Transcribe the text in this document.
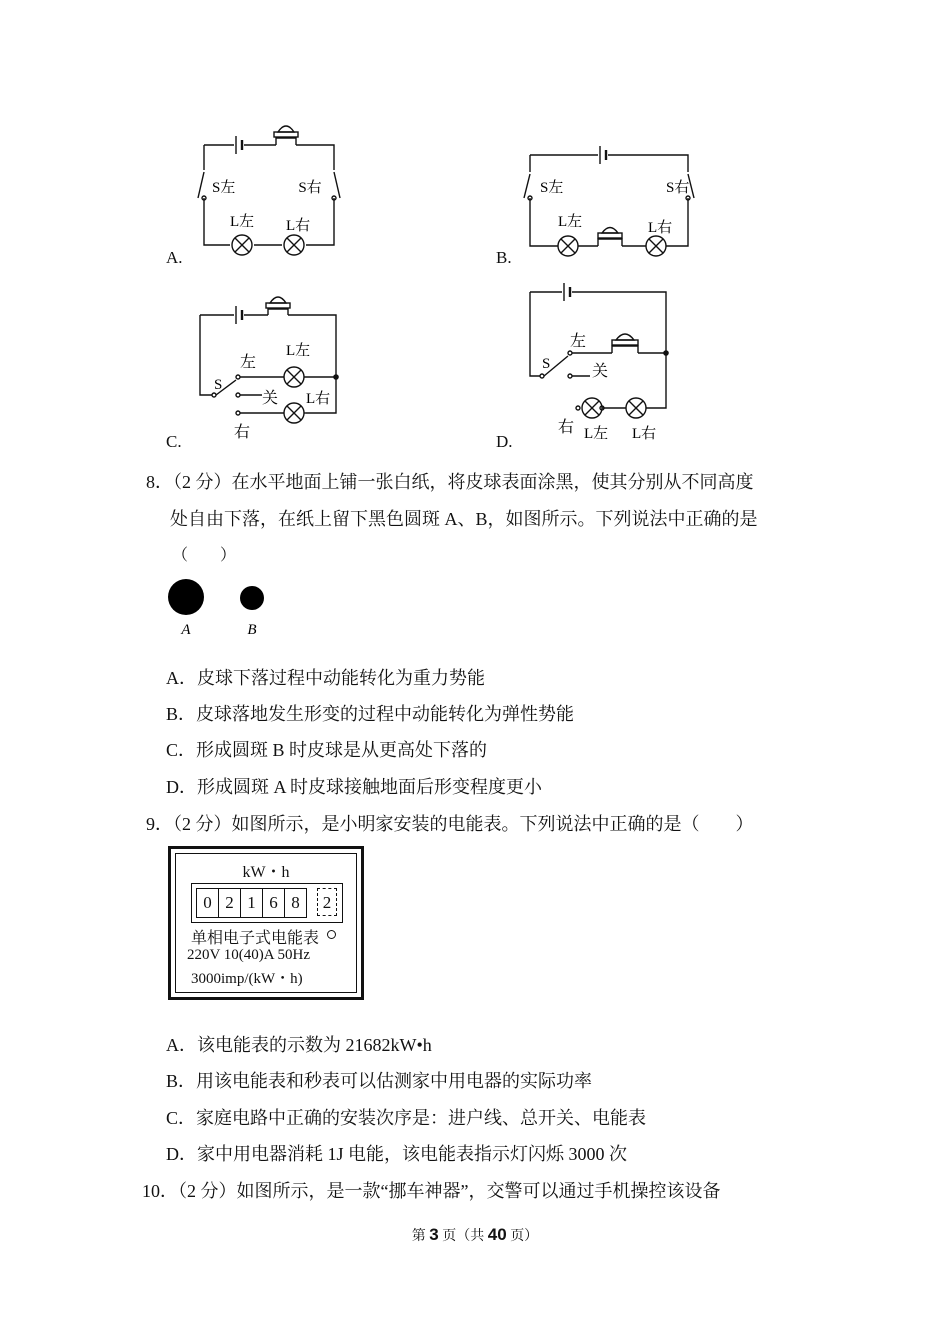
S左	S右
L左 L右
A.
S左	S右
L左	L右
B.
S
左
关
右
L左
L右
C.
S
左
关
右 L左 L右
D.
8．（2 分）在水平地面上铺一张白纸，将皮球表面涂黑，使其分别从不同高度
处自由下落，在纸上留下黑色圆斑 A、B，如图所示。下列说法中正确的是
（　　）
A	B
A．皮球下落过程中动能转化为重力势能
B．皮球落地发生形变的过程中动能转化为弹性势能
C．形成圆斑 B 时皮球是从更高处下落的
D．形成圆斑 A 时皮球接触地面后形变程度更小
9．（2 分）如图所示，是小明家安装的电能表。下列说法中正确的是（　　）
kW・h
0 2 1 6 8	2
单相电子式电能表
220V 10(40)A 50Hz
3000imp/(kW・h)
A．该电能表的示数为 21682kW•h
B．用该电能表和秒表可以估测家中用电器的实际功率
C．家庭电路中正确的安装次序是：进户线、总开关、电能表
D．家中用电器消耗 1J 电能，该电能表指示灯闪烁 3000 次
10．（2 分）如图所示，是一款“挪车神器”，交警可以通过手机操控该设备
第 3 页（共 40 页）
